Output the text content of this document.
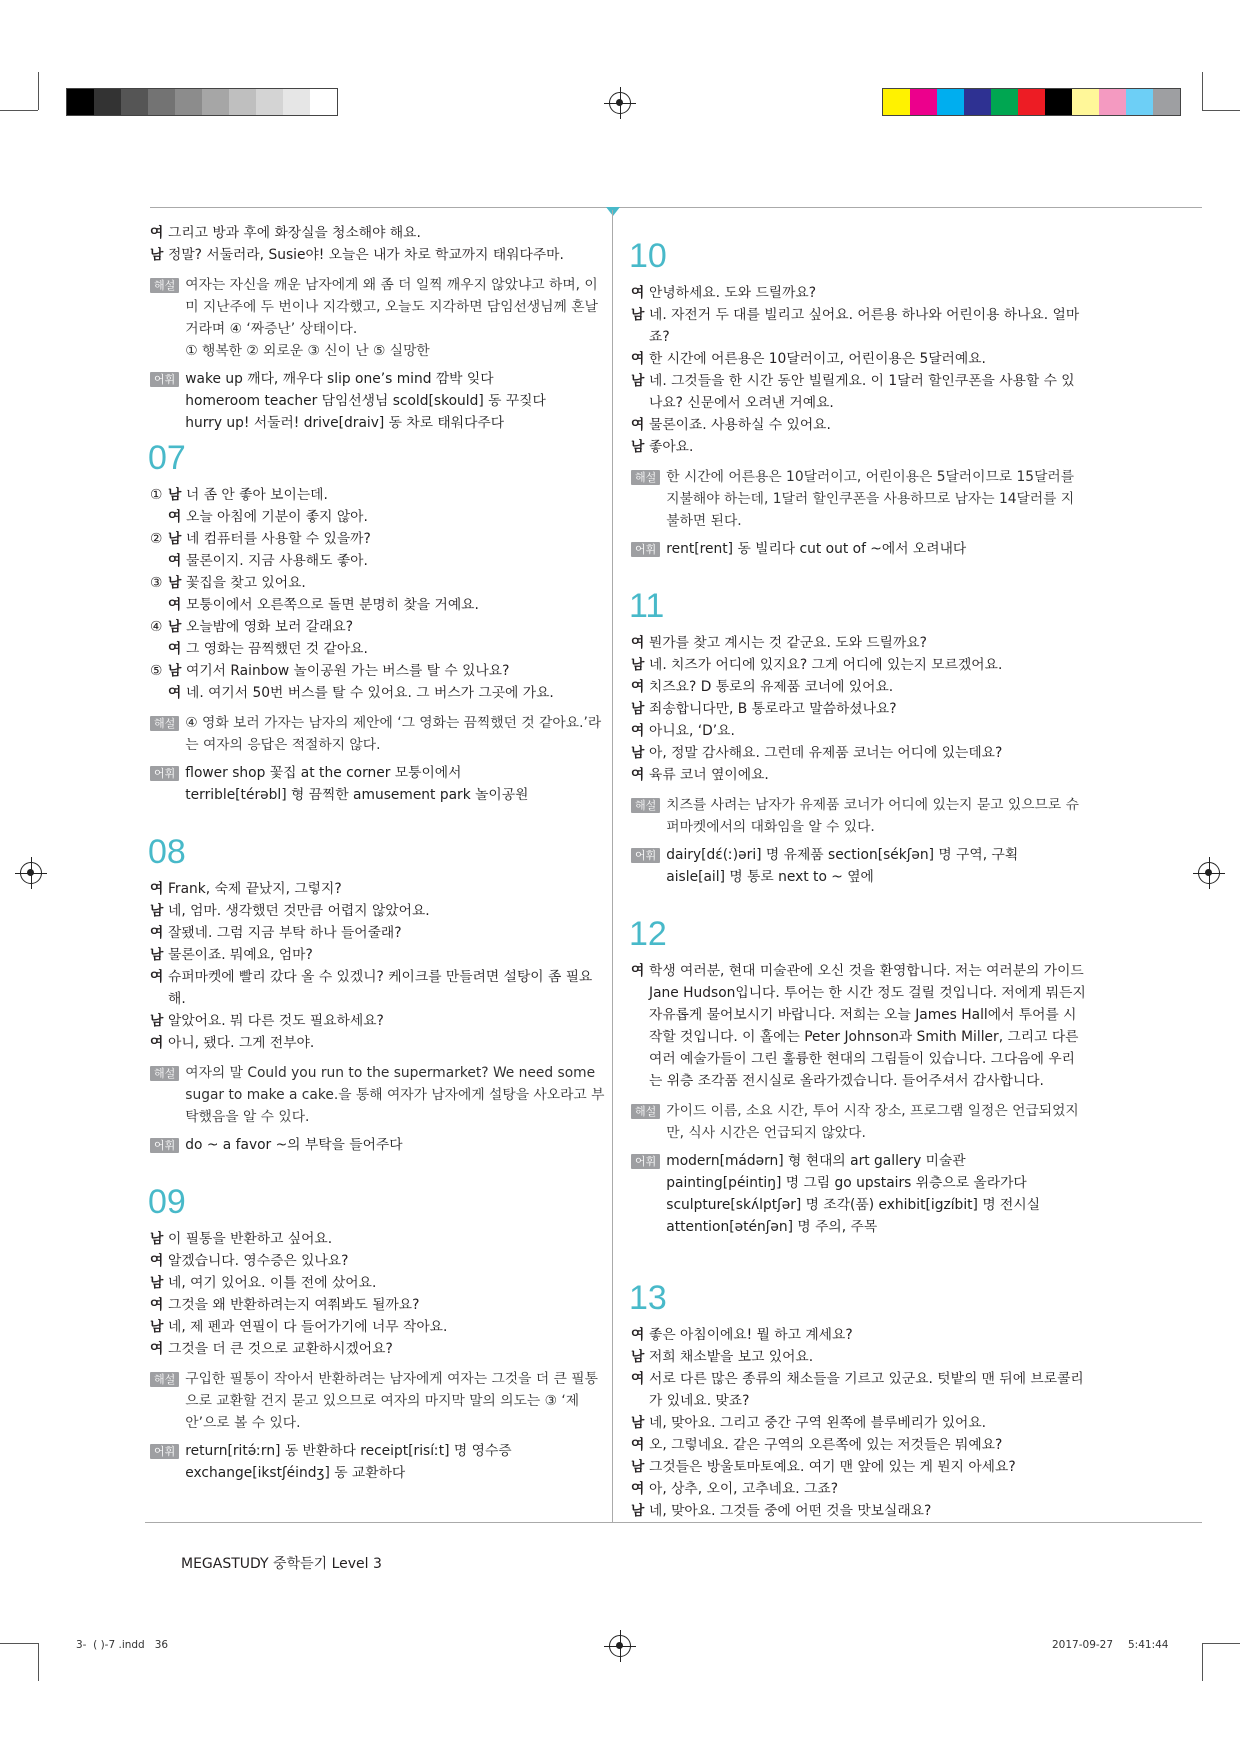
여 그리고 방과 후에 화장실을 청소해야 해요.
남 정말? 서둘러라, Susie야! 오늘은 내가 차로 학교까지 태워다주마.
해설 여자는 자신을 깨운 남자에게 왜 좀 더 일찍 깨우지 않았냐고 하며, 이미 지난주에 두 번이나 지각했고, 오늘도 지각하면 담임선생님께 혼날 거라며 ④ ‘짜증난’ 상태이다.
① 행복한 ② 외로운 ③ 신이 난 ⑤ 실망한
어휘 wake up 깨다, 깨우다 slip one’s mind 깜박 잊다
homeroom teacher 담임선생님 scold[skould] 동 꾸짖다
hurry up! 서둘러! drive[draiv] 동 차로 태워다주다
07
① 남 너 좀 안 좋아 보이는데.
여 오늘 아침에 기분이 좋지 않아.
② 남 네 컴퓨터를 사용할 수 있을까?
여 물론이지. 지금 사용해도 좋아.
③ 남 꽃집을 찾고 있어요.
여 모퉁이에서 오른쪽으로 돌면 분명히 찾을 거예요.
④ 남 오늘밤에 영화 보러 갈래요?
여 그 영화는 끔찍했던 것 같아요.
⑤ 남 여기서 Rainbow 놀이공원 가는 버스를 탈 수 있나요?
여 네. 여기서 50번 버스를 탈 수 있어요. 그 버스가 그곳에 가요.
해설 ④ 영화 보러 가자는 남자의 제안에 ‘그 영화는 끔찍했던 것 같아요.’라는 여자의 응답은 적절하지 않다.
어휘 flower shop 꽃집 at the corner 모퉁이에서
terrible[térəbl] 형 끔찍한 amusement park 놀이공원
08
여 Frank, 숙제 끝났지, 그렇지?
남 네, 엄마. 생각했던 것만큼 어렵지 않았어요.
여 잘됐네. 그럼 지금 부탁 하나 들어줄래?
남 물론이죠. 뭐예요, 엄마?
여 슈퍼마켓에 빨리 갔다 올 수 있겠니? 케이크를 만들려면 설탕이 좀 필요해.
남 알았어요. 뭐 다른 것도 필요하세요?
여 아니, 됐다. 그게 전부야.
해설 여자의 말 Could you run to the supermarket? We need some sugar to make a cake.을 통해 여자가 남자에게 설탕을 사오라고 부탁했음을 알 수 있다.
어휘 do ~ a favor ~의 부탁을 들어주다
09
남 이 필통을 반환하고 싶어요.
여 알겠습니다. 영수증은 있나요?
남 네, 여기 있어요. 이틀 전에 샀어요.
여 그것을 왜 반환하려는지 여쭤봐도 될까요?
남 네, 제 펜과 연필이 다 들어가기에 너무 작아요.
여 그것을 더 큰 것으로 교환하시겠어요?
해설 구입한 필통이 작아서 반환하려는 남자에게 여자는 그것을 더 큰 필통으로 교환할 건지 묻고 있으므로 여자의 마지막 말의 의도는 ③ ‘제안’으로 볼 수 있다.
어휘 return[ritə́ːrn] 동 반환하다 receipt[risíːt] 명 영수증
exchange[ikstʃéindʒ] 동 교환하다
10
여 안녕하세요. 도와 드릴까요?
남 네. 자전거 두 대를 빌리고 싶어요. 어른용 하나와 어린이용 하나요. 얼마죠?
여 한 시간에 어른용은 10달러이고, 어린이용은 5달러예요.
남 네. 그것들을 한 시간 동안 빌릴게요. 이 1달러 할인쿠폰을 사용할 수 있나요? 신문에서 오려낸 거예요.
여 물론이죠. 사용하실 수 있어요.
남 좋아요.
해설 한 시간에 어른용은 10달러이고, 어린이용은 5달러이므로 15달러를 지불해야 하는데, 1달러 할인쿠폰을 사용하므로 남자는 14달러를 지불하면 된다.
어휘 rent[rent] 동 빌리다 cut out of ~에서 오려내다
11
여 뭔가를 찾고 계시는 것 같군요. 도와 드릴까요?
남 네. 치즈가 어디에 있지요? 그게 어디에 있는지 모르겠어요.
여 치즈요? D 통로의 유제품 코너에 있어요.
남 죄송합니다만, B 통로라고 말씀하셨나요?
여 아니요, ‘D’요.
남 아, 정말 감사해요. 그런데 유제품 코너는 어디에 있는데요?
여 육류 코너 옆이에요.
해설 치즈를 사려는 남자가 유제품 코너가 어디에 있는지 묻고 있으므로 슈퍼마켓에서의 대화임을 알 수 있다.
어휘 dairy[dɛ́(ː)əri] 명 유제품 section[sékʃən] 명 구역, 구획
aisle[ail] 명 통로 next to ~ 옆에
12
여 학생 여러분, 현대 미술관에 오신 것을 환영합니다. 저는 여러분의 가이드 Jane Hudson입니다. 투어는 한 시간 정도 걸릴 것입니다. 저에게 뭐든지 자유롭게 물어보시기 바랍니다. 저희는 오늘 James Hall에서 투어를 시작할 것입니다. 이 홀에는 Peter Johnson과 Smith Miller, 그리고 다른 여러 예술가들이 그린 훌륭한 현대의 그림들이 있습니다. 그다음에 우리는 위층 조각품 전시실로 올라가겠습니다. 들어주셔서 감사합니다.
해설 가이드 이름, 소요 시간, 투어 시작 장소, 프로그램 일정은 언급되었지만, 식사 시간은 언급되지 않았다.
어휘 modern[mádərn] 형 현대의 art gallery 미술관
painting[péintiŋ] 명 그림 go upstairs 위층으로 올라가다
sculpture[skʌ́lptʃər] 명 조각(품) exhibit[igzíbit] 명 전시실
attention[əténʃən] 명 주의, 주목
13
여 좋은 아침이에요! 뭘 하고 계세요?
남 저희 채소밭을 보고 있어요.
여 서로 다른 많은 종류의 채소들을 기르고 있군요. 텃밭의 맨 뒤에 브로콜리가 있네요. 맞죠?
남 네, 맞아요. 그리고 중간 구역 왼쪽에 블루베리가 있어요.
여 오, 그렇네요. 같은 구역의 오른쪽에 있는 저것들은 뭐예요?
남 그것들은 방울토마토예요. 여기 맨 앞에 있는 게 뭔지 아세요?
여 아, 상추, 오이, 고추네요. 그죠?
남 네, 맞아요. 그것들 중에 어떤 것을 맛보실래요?
MEGASTUDY 중학듣기 Level 3
3-  ( )-7 .indd   36	2017-09-27 5:41:44
